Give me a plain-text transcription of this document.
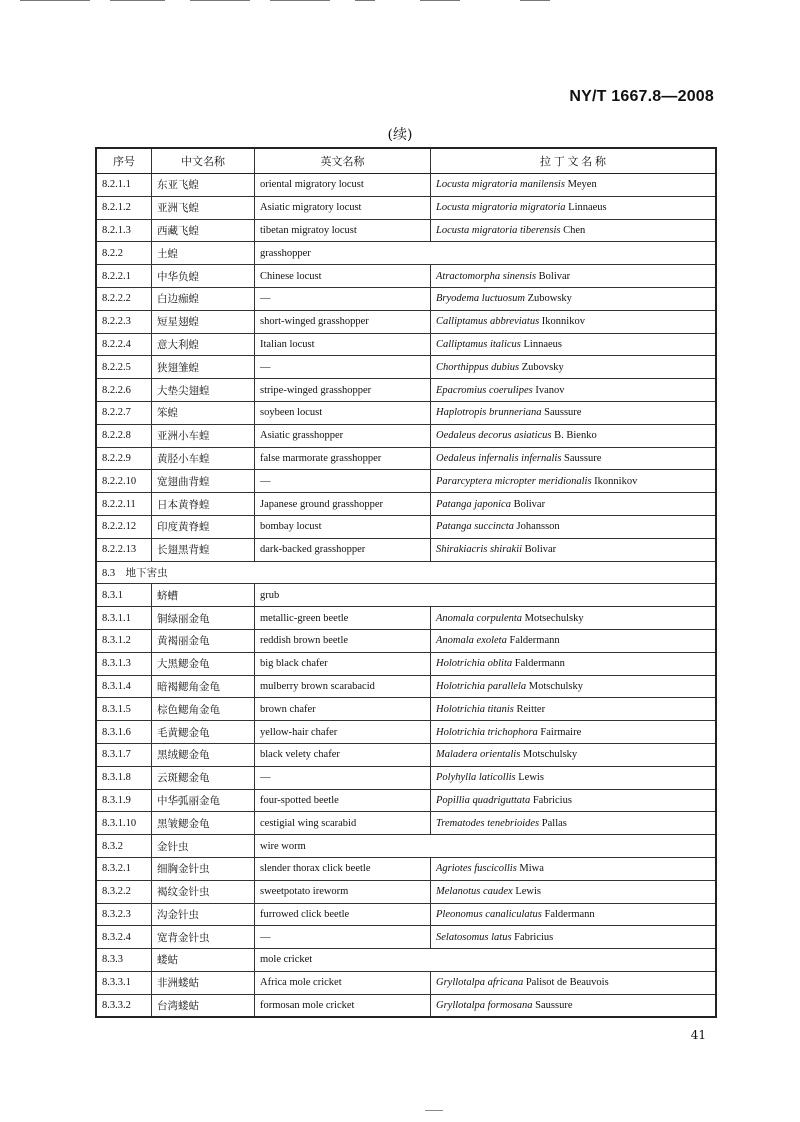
NY/T 1667.8—2008
(续)
序号	中文名称	英文名称	拉 丁 文 名 称
8.2.1.1	东亚飞蝗	oriental migratory locust	Locusta migratoria manilensis Meyen
8.2.1.2	亚洲飞蝗	Asiatic migratory locust	Locusta migratoria migratoria Linnaeus
8.2.1.3	西藏飞蝗	tibetan migratoy locust	Locusta migratoria tiberensis Chen
8.2.2	土蝗	grasshopper	
8.2.2.1	中华负蝗	Chinese locust	Atractomorpha sinensis Bolivar
8.2.2.2	白边痂蝗	—	Bryodema luctuosum Zubowsky
8.2.2.3	短星翅蝗	short-winged grasshopper	Calliptamus abbreviatus Ikonnikov
8.2.2.4	意大利蝗	Italian locust	Calliptamus italicus Linnaeus
8.2.2.5	狭翅雏蝗	—	Chorthippus dubius Zubovsky
8.2.2.6	大垫尖翅蝗	stripe-winged grasshopper	Epacromius coerulipes Ivanov
8.2.2.7	笨蝗	soybeen locust	Haplotropis brunneriana Saussure
8.2.2.8	亚洲小车蝗	Asiatic grasshopper	Oedaleus decorus asiaticus B. Bienko
8.2.2.9	黄胫小车蝗	false marmorate grasshopper	Oedaleus infernalis infernalis Saussure
8.2.2.10	宽翅曲背蝗	—	Pararcyptera micropter meridionalis Ikonnikov
8.2.2.11	日本黄脊蝗	Japanese ground grasshopper	Patanga japonica Bolivar
8.2.2.12	印度黄脊蝗	bombay locust	Patanga succincta Johansson
8.2.2.13	长翅黑背蝗	dark-backed grasshopper	Shirakiacris shirakii Bolivar
8.3　地下害虫			
8.3.1	蛴螬	grub	
8.3.1.1	铜绿丽金龟	metallic-green beetle	Anomala corpulenta Motsechulsky
8.3.1.2	黄褐丽金龟	reddish brown beetle	Anomala exoleta Faldermann
8.3.1.3	大黑鳃金龟	big black chafer	Holotrichia oblita Faldermann
8.3.1.4	暗褐鳃角金龟	mulberry brown scarabacid	Holotrichia parallela Motschulsky
8.3.1.5	棕色鳃角金龟	brown chafer	Holotrichia titanis Reitter
8.3.1.6	毛黄鳃金龟	yellow-hair chafer	Holotrichia trichophora Fairmaire
8.3.1.7	黑绒鳃金龟	black velety chafer	Maladera orientalis Motschulsky
8.3.1.8	云斑鳃金龟	—	Polyhylla laticollis Lewis
8.3.1.9	中华弧丽金龟	four-spotted beetle	Popillia quadriguttata Fabricius
8.3.1.10	黑皱鳃金龟	cestigial wing scarabid	Trematodes tenebrioides Pallas
8.3.2	金针虫	wire worm	
8.3.2.1	细胸金针虫	slender thorax click beetle	Agriotes fuscicollis Miwa
8.3.2.2	褐纹金针虫	sweetpotato ireworm	Melanotus caudex Lewis
8.3.2.3	沟金针虫	furrowed click beetle	Pleonomus canaliculatus Faldermann
8.3.2.4	宽背金针虫	—	Selatosomus latus Fabricius
8.3.3	蝼蛄	mole cricket	
8.3.3.1	非洲蝼蛄	Africa mole cricket	Gryllotalpa africana Palisot de Beauvois
8.3.3.2	台湾蝼蛄	formosan mole cricket	Gryllotalpa formosana Saussure
41
